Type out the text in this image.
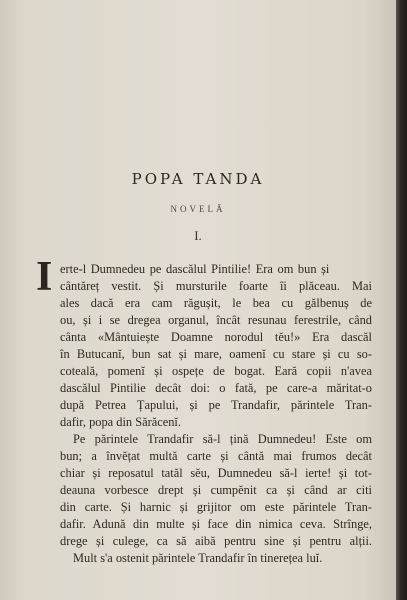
POPA TANDA
NOVELĂ
I.
I erte-l Dumnedeu pe dascălul Pintilie! Era om bun și
cântăreț vestit. Și mursturile foarte îi plăceau. Mai
ales dacă era cam răgușit, le bea cu gălbenuș de
ou, și i se dregea organul, încât resunau ferestrile, când
cânta «Mântuiește Doamne norodul tĕu!» Era dascăl
în Butucanĭ, bun sat și mare, oamenĭ cu stare și cu so-
coteală, pomenĭ și ospețe de bogat. Eară copii n'avea
dascălul Pintilie decât doi: o fată, pe care-a măritat-o
după Petrea Țapului, și pe Trandafir, părintele Tran-
dafir, popa din Sărăcenĭ.
Pe părintele Trandafir să-l țină Dumnedeu! Este om
bun; a învĕțat multă carte și cântă mai frumos decât
chiar și reposatul tatăl sĕu, Dumnedeu să-l ierte! și tot-
deauna vorbesce drept și cumpĕnit ca și când ar citi
din carte. Și harnic și grijitor om este părintele Tran-
dafir. Adună din multe și face din nimica ceva. Strînge,
drege și culege, ca să aibă pentru sine și pentru alții.
Mult s'a ostenit părintele Trandafir în tinerețea luĭ.
